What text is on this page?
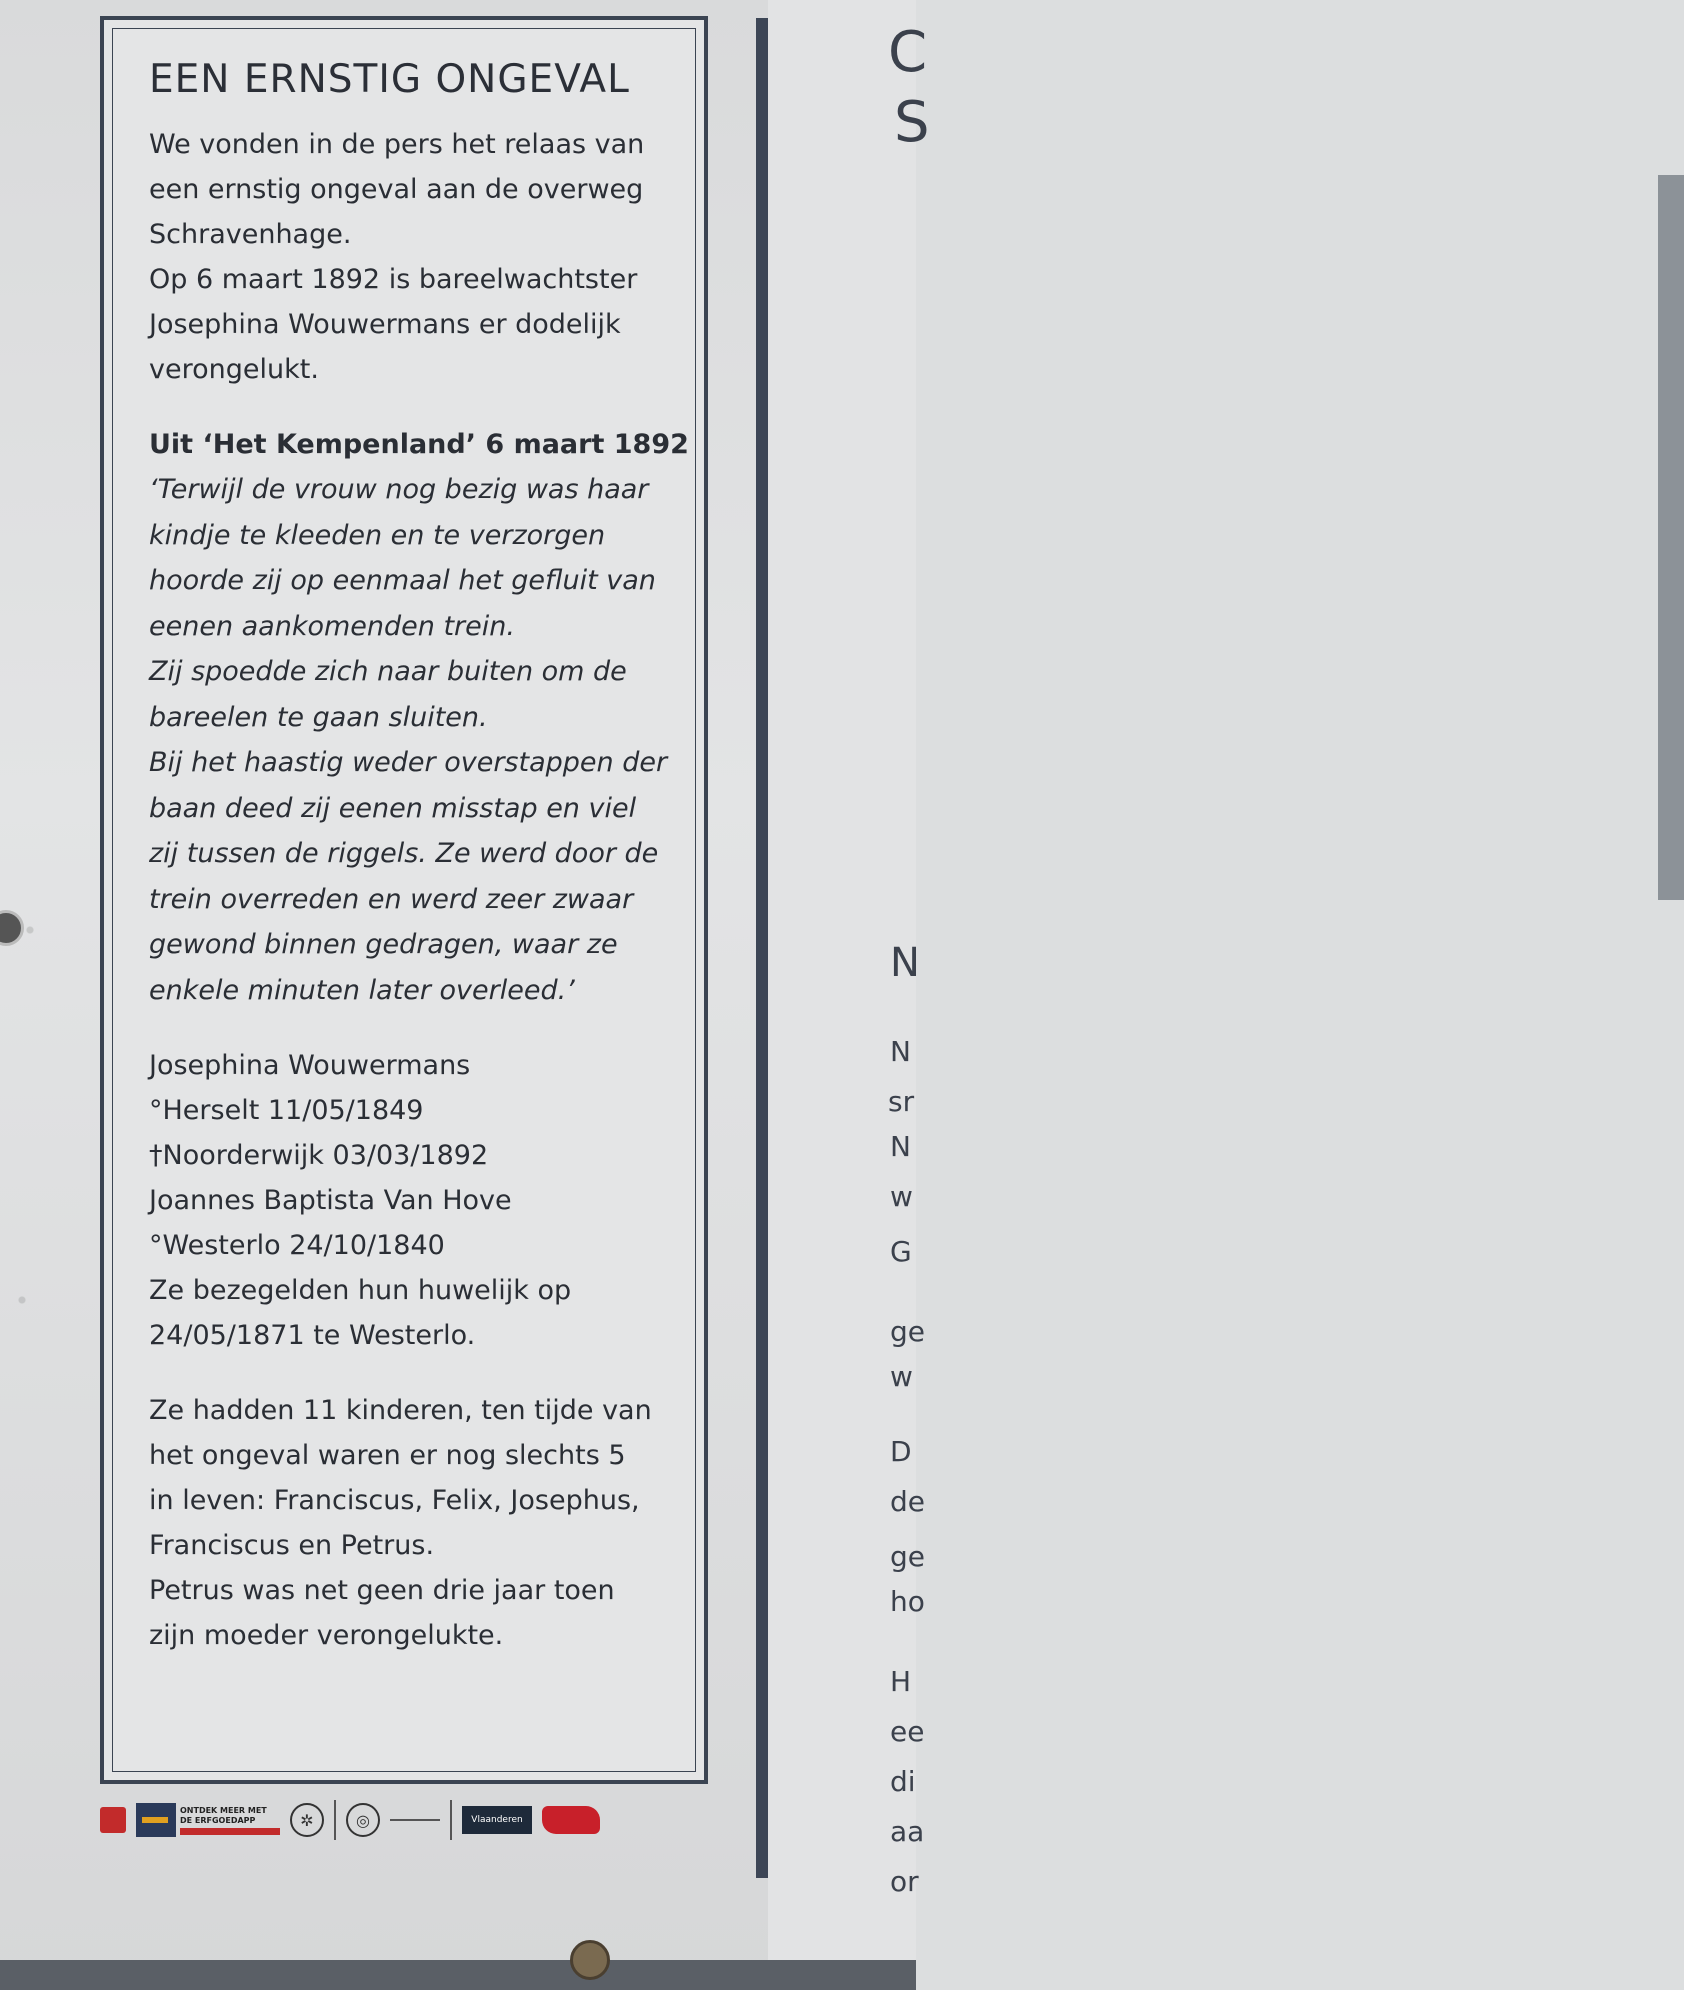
EEN ERNSTIG ONGEVAL

We vonden in de pers het relaas van
een ernstig ongeval aan de overweg
Schravenhage.
Op 6 maart 1892 is bareelwachtster
Josephina Wouwermans er dodelijk
verongelukt.

Uit ‘Het Kempenland’ 6 maart 1892

‘Terwijl de vrouw nog bezig was haar
kindje te kleeden en te verzorgen
hoorde zij op eenmaal het gefluit van
eenen aankomenden trein.
Zij spoedde zich naar buiten om de
bareelen te gaan sluiten.
Bij het haastig weder overstappen der
baan deed zij eenen misstap en viel
zij tussen de riggels. Ze werd door de
trein overreden en werd zeer zwaar
gewond binnen gedragen, waar ze
enkele minuten later overleed.’

Josephina Wouwermans
°Herselt 11/05/1849
†Noorderwijk 03/03/1892
Joannes Baptista Van Hove
°Westerlo 24/10/1840
Ze bezegelden hun huwelijk op
24/05/1871 te Westerlo.

Ze hadden 11 kinderen, ten tijde van
het ongeval waren er nog slechts 5
in leven: Franciscus, Felix, Josephus,
Franciscus en Petrus.
Petrus was net geen drie jaar toen
zijn moeder verongelukte.

ONTDEK MEER MET DE ERFGOEDAPP	✲	◎	Vlaanderen
C
S
N
N
sr
N
w
G
ge
w
D
de
ge
ho
H
ee
di
aa
or
